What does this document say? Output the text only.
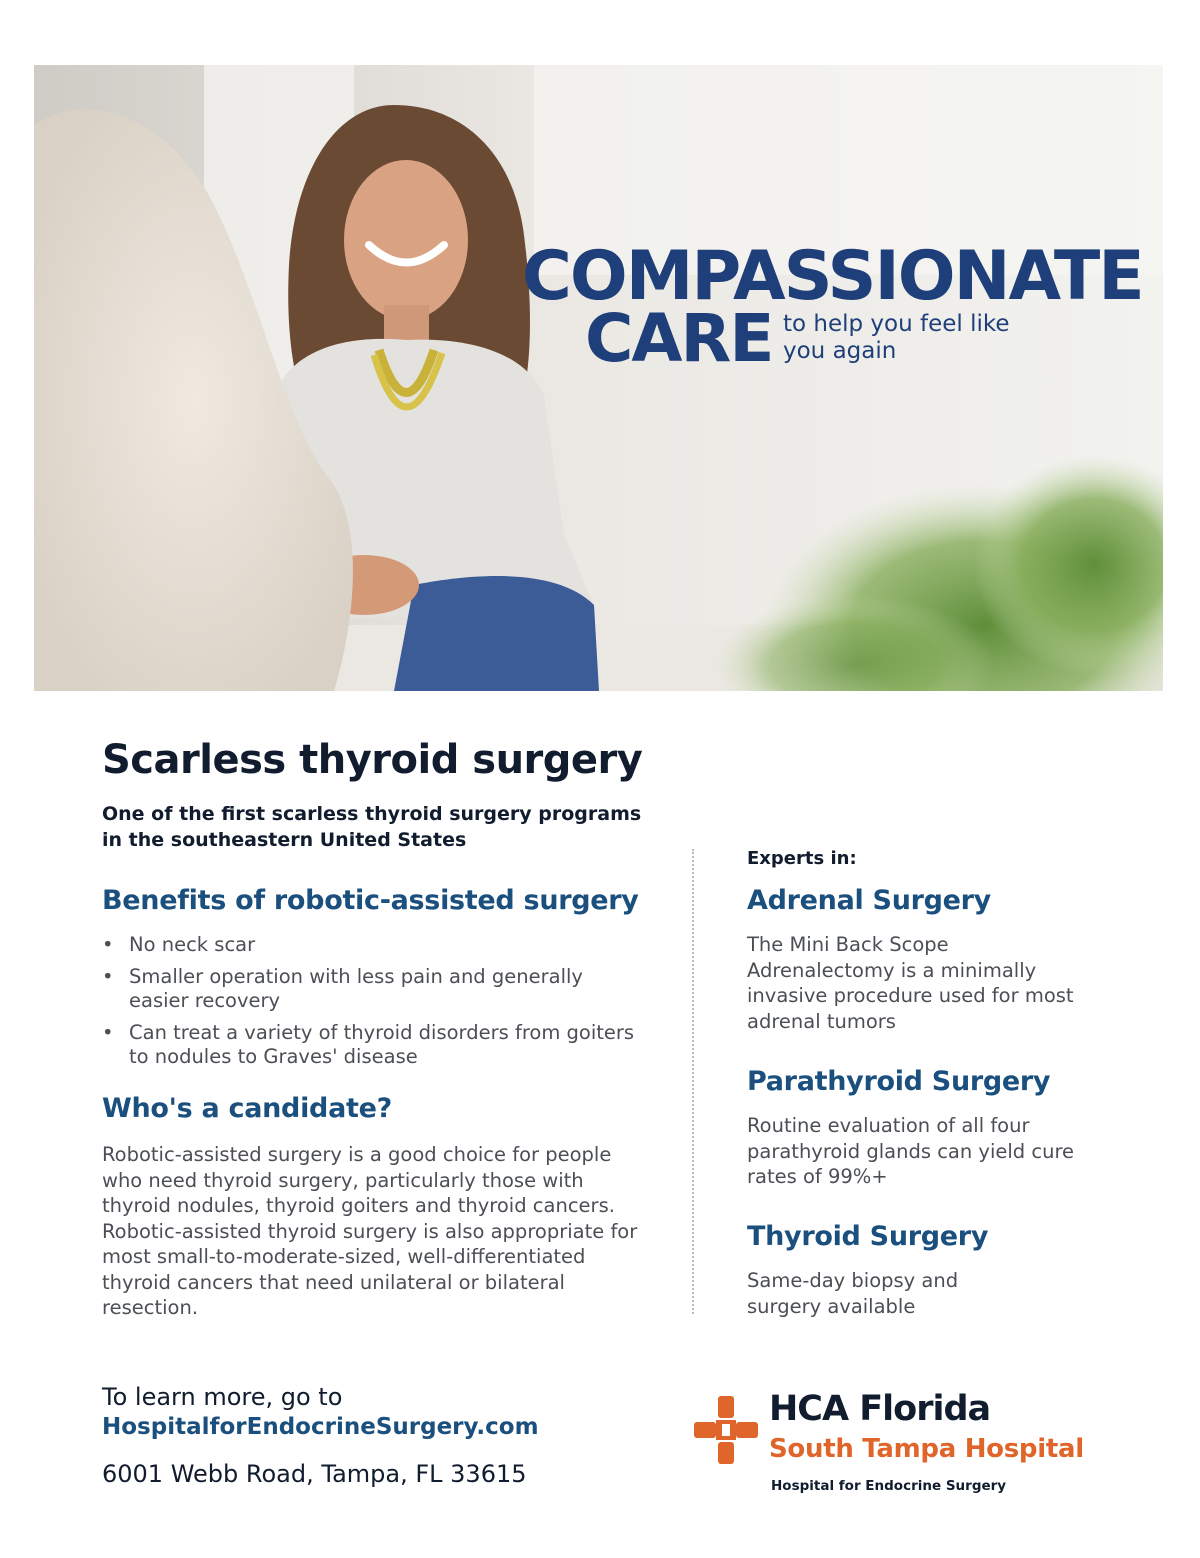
COMPASSIONATE
CARE to help you feel like you again
Scarless thyroid surgery
One of the first scarless thyroid surgery programs in the southeastern United States
Benefits of robotic-assisted surgery
• No neck scar
• Smaller operation with less pain and generally easier recovery
• Can treat a variety of thyroid disorders from goiters to nodules to Graves' disease
Who's a candidate?

Robotic-assisted surgery is a good choice for people who need thyroid surgery, particularly those with thyroid nodules, thyroid goiters and thyroid cancers. Robotic-assisted thyroid surgery is also appropriate for most small-to-moderate-sized, well-differentiated thyroid cancers that need unilateral or bilateral resection.

Experts in:
Adrenal Surgery

The Mini Back Scope Adrenalectomy is a minimally invasive procedure used for most adrenal tumors

Parathyroid Surgery

Routine evaluation of all four parathyroid glands can yield cure rates of 99%+

Thyroid Surgery

Same-day biopsy and surgery available

To learn more, go to
HospitalforEndocrineSurgery.com
6001 Webb Road, Tampa, FL 33615
HCA Florida
South Tampa Hospital
Hospital for Endocrine Surgery
